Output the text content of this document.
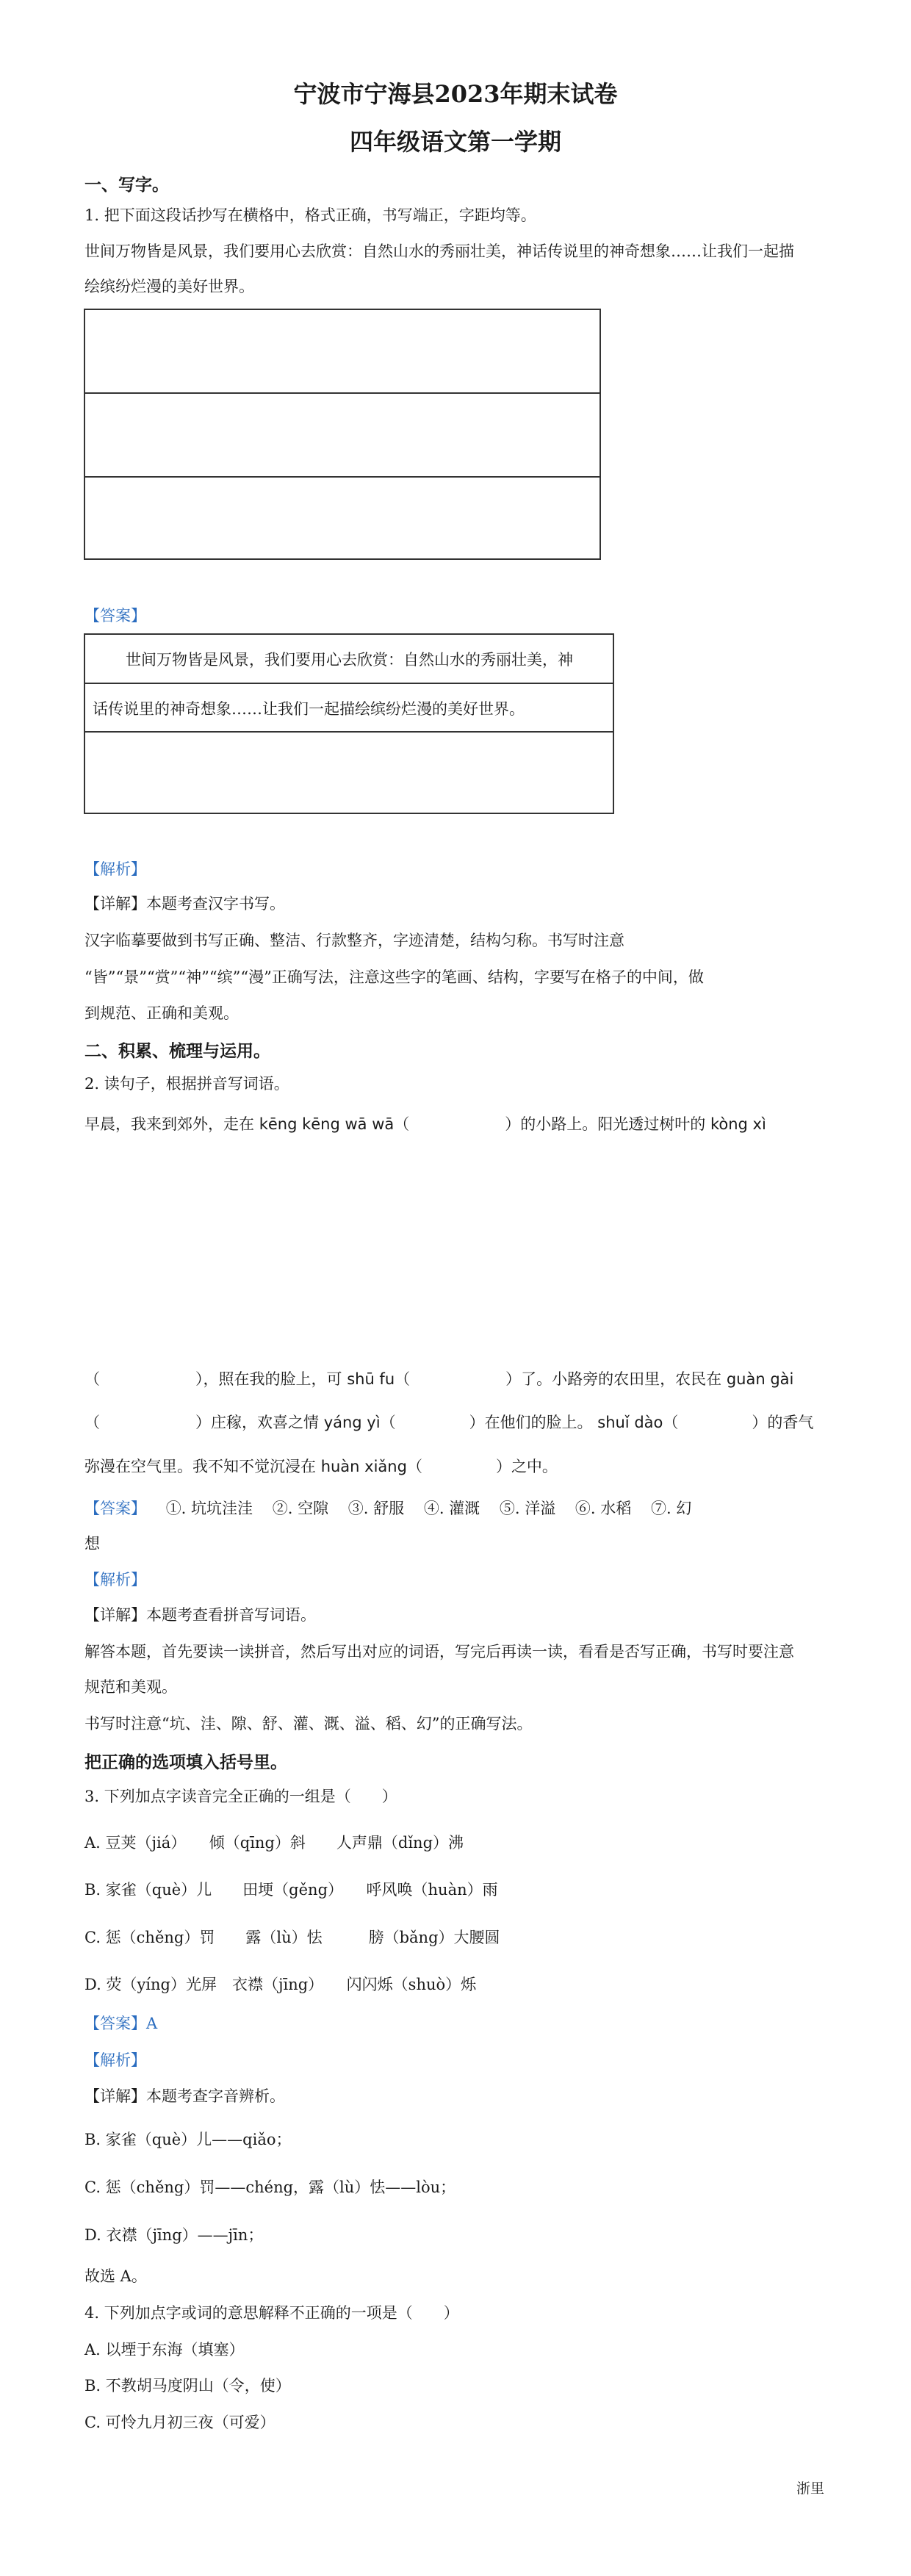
宁波市宁海县2023年期末试卷
四年级语文第一学期
一、写字。
1. 把下面这段话抄写在横格中，格式正确，书写端正，字距均等。
世间万物皆是风景，我们要用心去欣赏：自然山水的秀丽壮美，神话传说里的神奇想象……让我们一起描
绘缤纷烂漫的美好世界。
【答案】
世间万物皆是风景，我们要用心去欣赏：自然山水的秀丽壮美，神
话传说里的神奇想象……让我们一起描绘缤纷烂漫的美好世界。
【解析】
【详解】本题考查汉字书写。
汉字临摹要做到书写正确、整洁、行款整齐，字迹清楚，结构匀称。书写时注意
“皆”“景”“赏”“神”“缤”“漫”正确写法，注意这些字的笔画、结构，字要写在格子的中间，做
到规范、正确和美观。
二、积累、梳理与运用。
2. 读句子，根据拼音写词语。
早晨，我来到郊外，走在 kēng kēng wā wā（	）的小路上。阳光透过树叶的 kòng xì
（	），照在我的脸上，可 shū fu（	）了。小路旁的农田里，农民在 guàn gài
（	）庄稼，欢喜之情 yáng yì（	）在他们的脸上。 shuǐ dào（	）的香气
弥漫在空气里。我不知不觉沉浸在 huàn xiǎng（	）之中。
【答案】 ①. 坑坑洼洼 ②. 空隙 ③. 舒服 ④. 灌溉 ⑤. 洋溢 ⑥. 水稻 ⑦. 幻
想
【解析】
【详解】本题考查看拼音写词语。
解答本题，首先要读一读拼音，然后写出对应的词语，写完后再读一读，看看是否写正确，书写时要注意
规范和美观。
书写时注意“坑、洼、隙、舒、灌、溉、溢、稻、幻”的正确写法。
把正确的选项填入括号里。
3. 下列加点字读音完全正确的一组是（　　）
A. 豆荚（jiá）　　倾（qīng）斜　　人声鼎（dǐng）沸
B. 家雀（què）儿　　田埂（gěng）　　呼风唤（huàn）雨
C. 惩（chěng）罚　　露（lù）怯　　　膀（bǎng）大腰圆
D. 荧（yíng）光屏　衣襟（jīng）　　闪闪烁（shuò）烁
【答案】A
【解析】
【详解】本题考查字音辨析。
B. 家雀（què）儿——qiǎo；
C. 惩（chěng）罚——chéng，露（lù）怯——lòu；
D. 衣襟（jīng）——jīn；
故选 A。
4. 下列加点字或词的意思解释不正确的一项是（　　）
A. 以堙于东海（填塞）
B. 不教胡马度阴山（令，使）
C. 可怜九月初三夜（可爱）
浙里
